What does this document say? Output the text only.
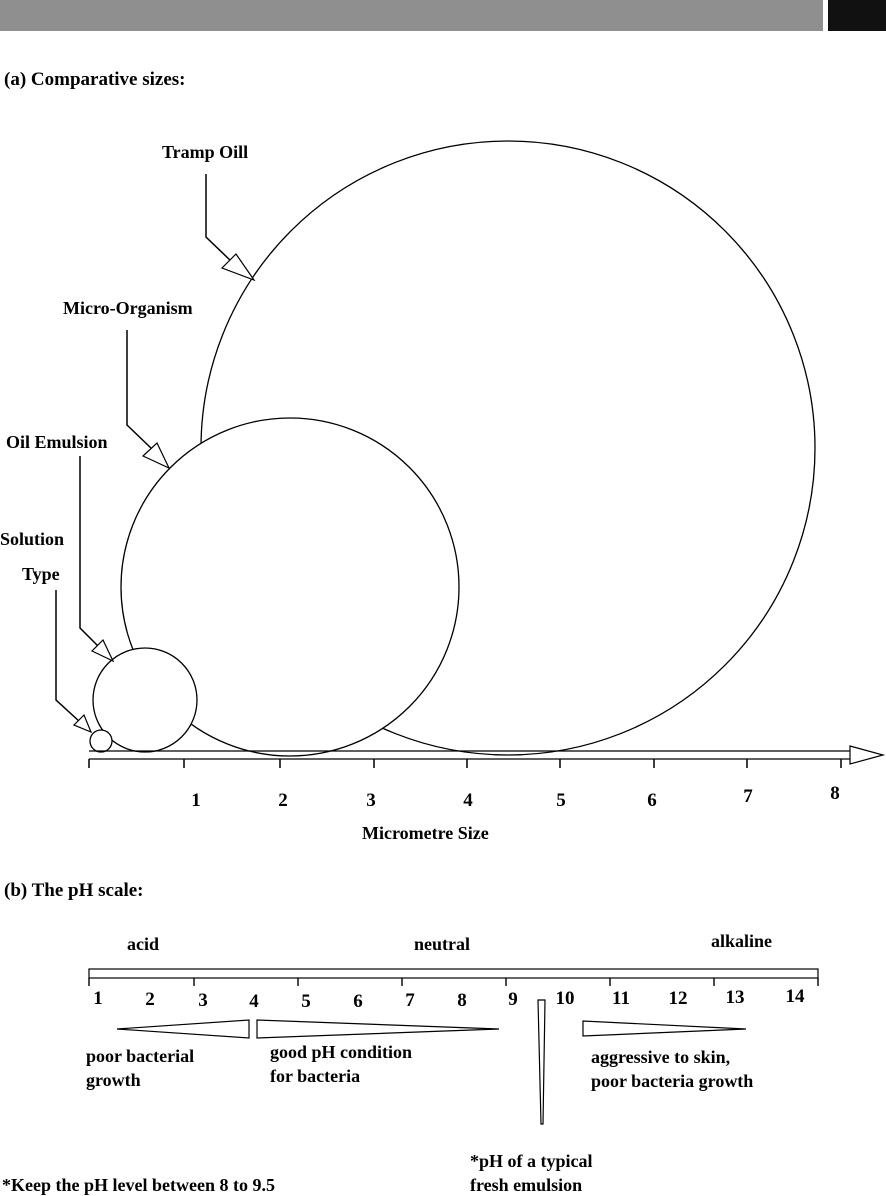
(a) Comparative sizes:
Tramp Oill
Micro-Organism
Oil Emulsion
Solution
Type
1	2	3	4	5	6	7	8
Micrometre Size
(b) The pH scale:
acid	neutral	alkaline
1 2 3 4 5 6 7 8 9 10 11 12 13 14
poor bacterial
growth
good pH condition
for bacteria
aggressive to skin,
poor bacteria growth
*pH of a typical
fresh emulsion
*Keep the pH level between 8 to 9.5
